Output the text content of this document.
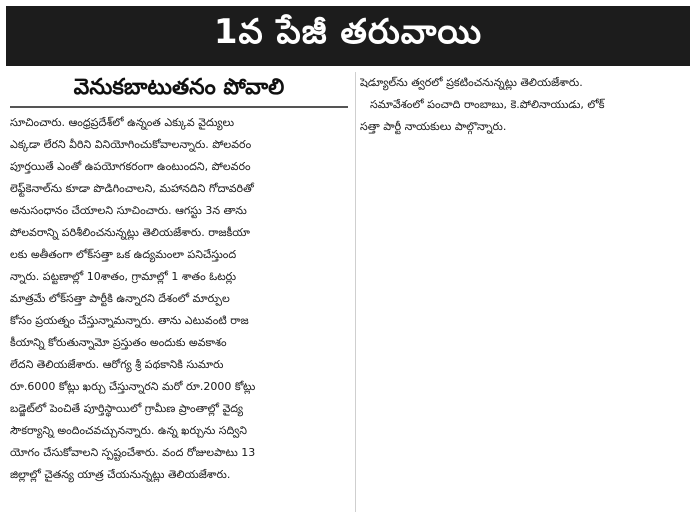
1వ పేజీ తరువాయి
వెనుకబాటుతనం పోవాలి
సూచించారు. ఆంధ్రప్రదేశ్‌లో ఉన్నంత ఎక్కువ వైద్యులు
ఎక్కడా లేరని వీరిని వినియోగించుకోవాలన్నారు. పోలవరం
పూర్తయితే ఎంతో ఉపయోగకరంగా ఉంటుందని, పోలవరం
లెఫ్ట్‌కెనాల్‌ను కూడా పొడిగించాలని, మహానదిని గోదావరితో
అనుసంధానం చేయాలని సూచించారు. ఆగస్టు 3న తాను
పోలవరాన్ని పరిశీలించనున్నట్లు తెలియజేశారు. రాజకీయా
లకు అతీతంగా లోక్‌సత్తా ఒక ఉద్యమంలా పనిచేస్తుంద
న్నారు. పట్టణాల్లో 10శాతం, గ్రామాల్లో 1 శాతం ఓటర్లు
మాత్రమే లోక్‌సత్తా పార్టీకి ఉన్నారని దేశంలో మార్పుల
కోసం ప్రయత్నం చేస్తున్నామన్నారు. తాను ఎటువంటి రాజ
కీయాన్ని కోరుతున్నామో ప్రస్తుతం అందుకు అవకాశం
లేదని తెలియజేశారు. ఆరోగ్య శ్రీ పథకానికి సుమారు
రూ.6000 కోట్లు ఖర్చు చేస్తున్నారని మరో రూ.2000 కోట్లు
బడ్జెట్‌లో పెంచితే పూర్తిస్థాయిలో గ్రామీణ ప్రాంతాల్లో వైద్య
సౌకర్యాన్ని అందించవచ్చునన్నారు. ఉన్న ఖర్చును సద్విని
యోగం చేసుకోవాలని స్పష్టంచేశారు. వంద రోజులపాటు 13
జిల్లాల్లో చైతన్య యాత్ర చేయనున్నట్లు తెలియజేశారు.
షెడ్యూల్‌ను త్వరలో ప్రకటించనున్నట్లు తెలియజేశారు.
సమావేశంలో పంచాది రాంబాబు, కె.పోలినాయుడు, లోక్‌
సత్తా పార్టీ నాయకులు పాల్గొన్నారు.
